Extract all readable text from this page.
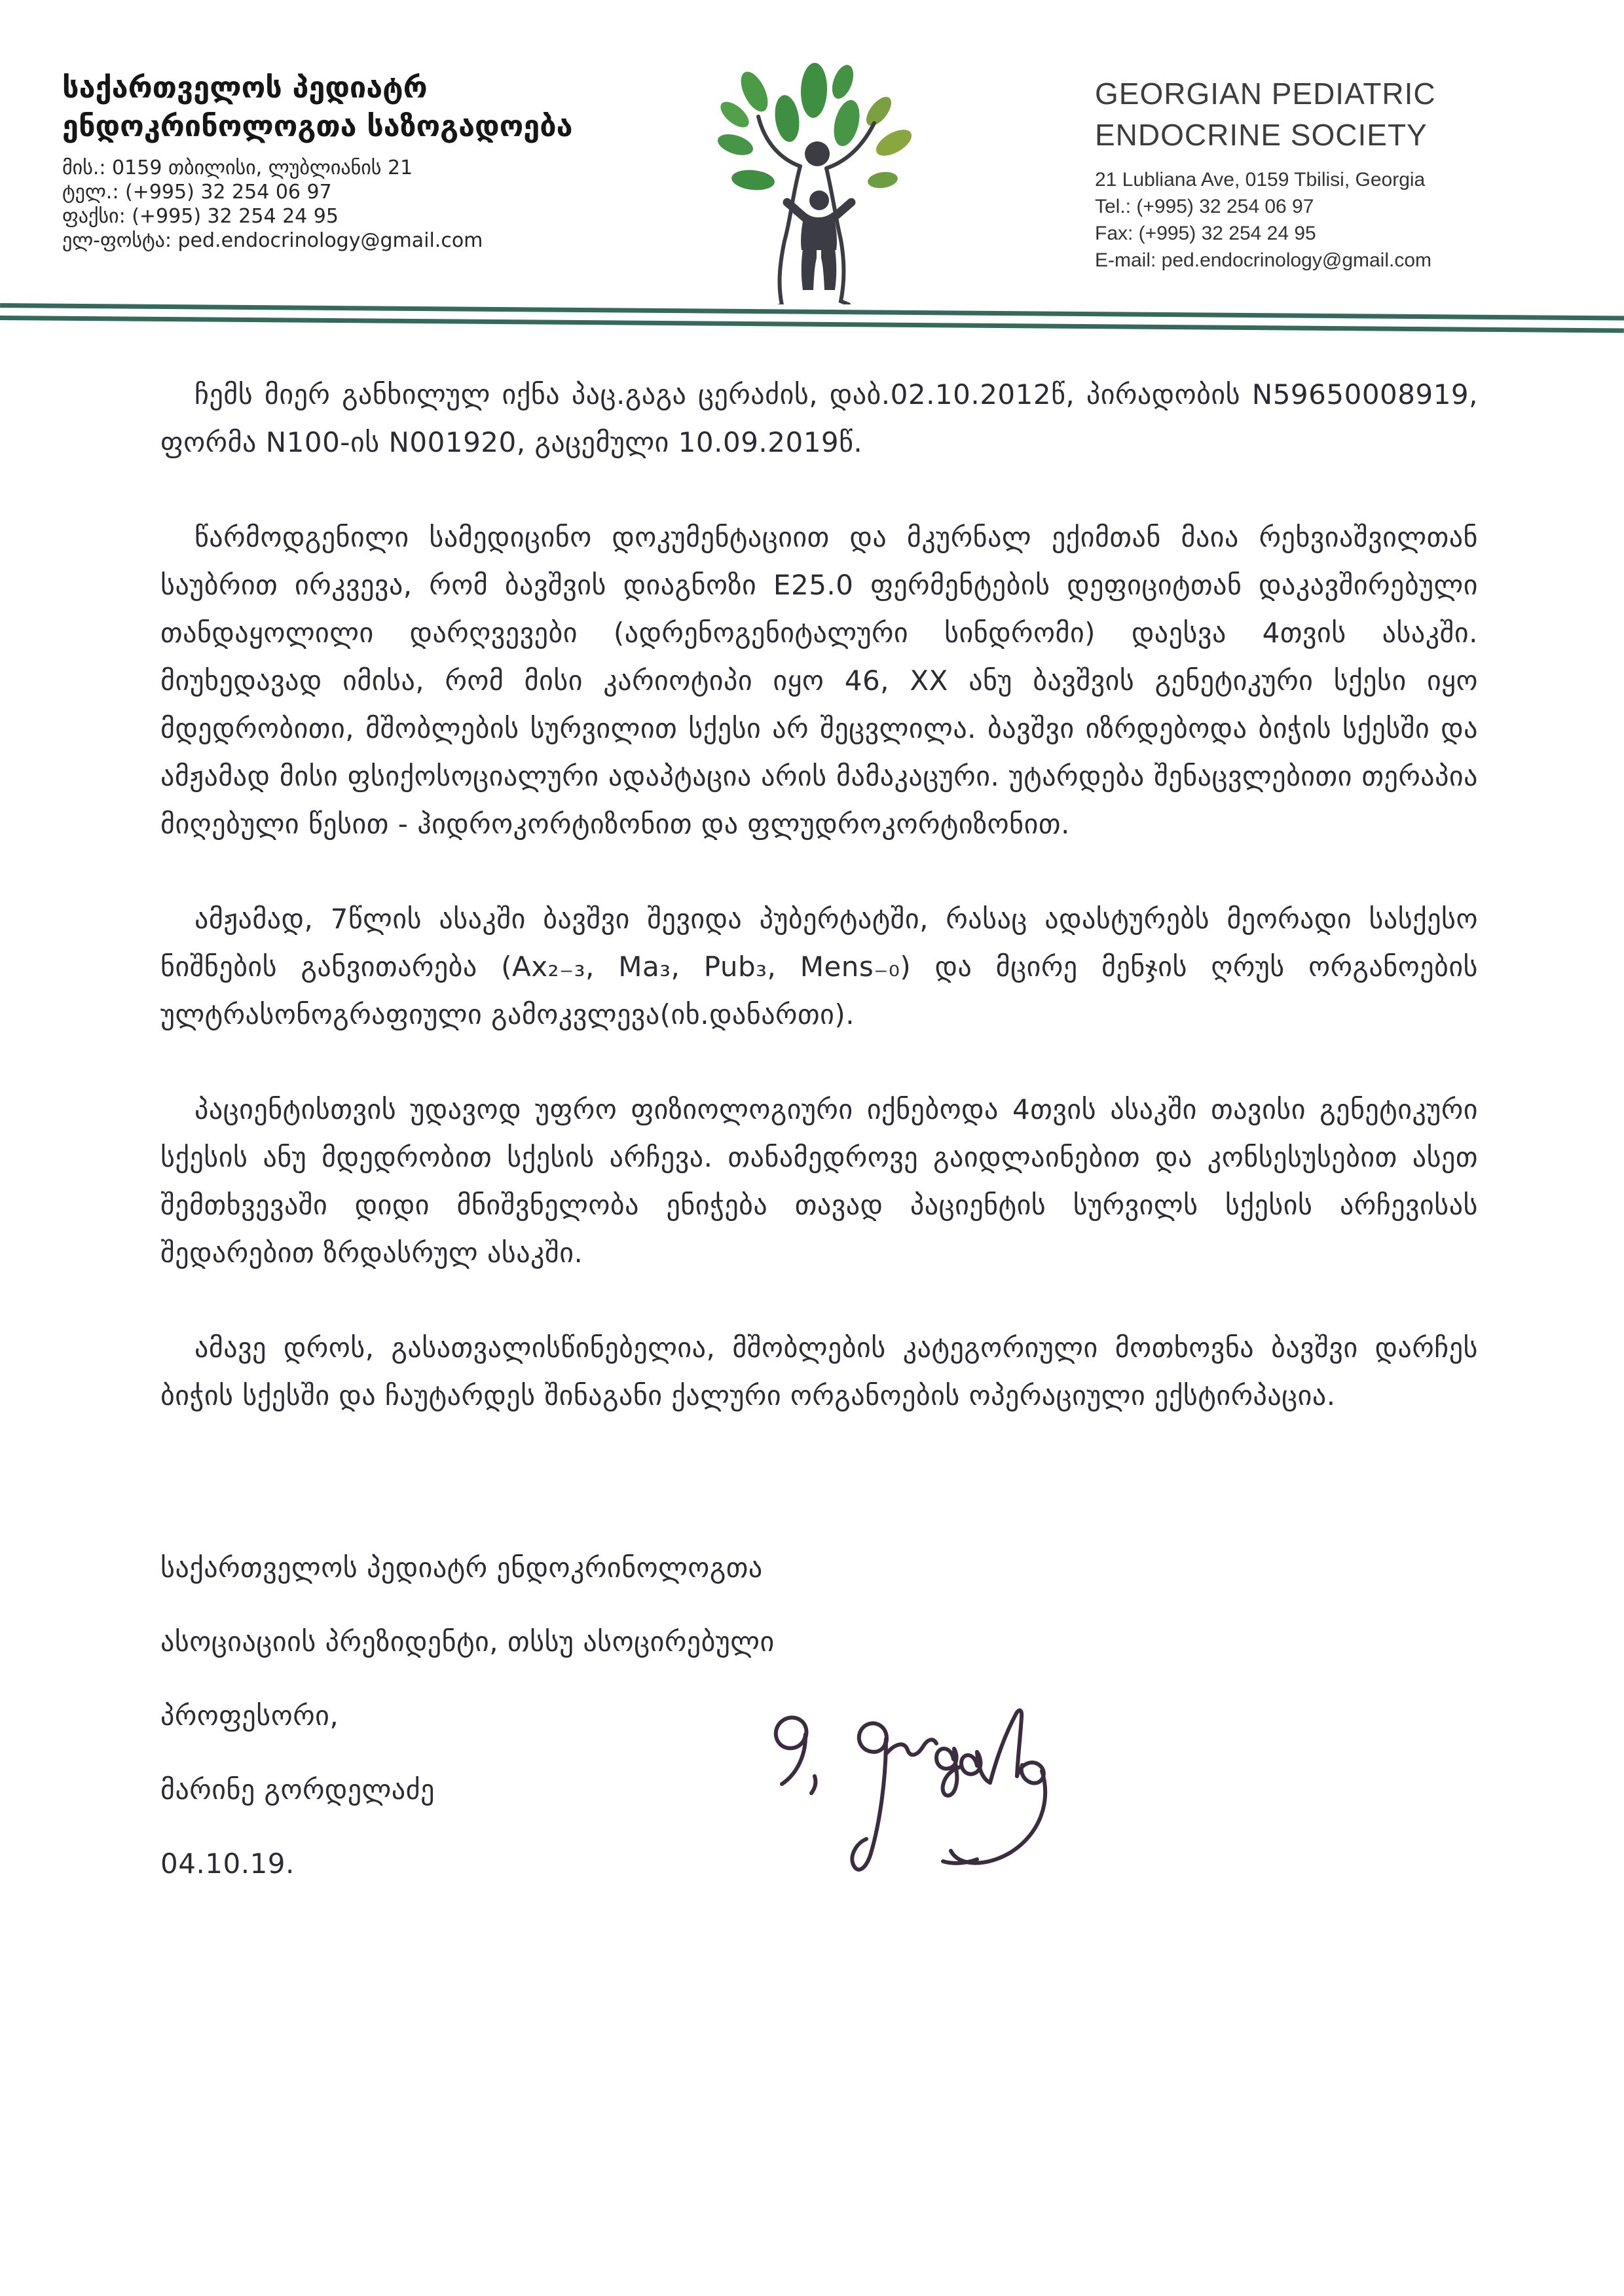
საქართველოს პედიატრ
ენდოკრინოლოგთა საზოგადოება
მის.: 0159 თბილისი, ლუბლიანის 21
ტელ.: (+995) 32 254 06 97
ფაქსი: (+995) 32 254 24 95
ელ-ფოსტა: ped.endocrinology@gmail.com
GEORGIAN PEDIATRIC
ENDOCRINE SOCIETY
21 Lubliana Ave, 0159 Tbilisi, Georgia
Tel.: (+995) 32 254 06 97
Fax: (+995) 32 254 24 95
E-mail: ped.endocrinology@gmail.com

ჩემს მიერ განხილულ იქნა პაც.გაგა ცერაძის, დაბ.02.10.2012წ, პირადობის N59650008919, ფორმა N100-ის N001920, გაცემული 10.09.2019წ.

წარმოდგენილი სამედიცინო დოკუმენტაციით და მკურნალ ექიმთან მაია რეხვიაშვილთან საუბრით ირკვევა, რომ ბავშვის დიაგნოზი E25.0 ფერმენტების დეფიციტთან დაკავშირებული თანდაყოლილი დარღვევები (ადრენოგენიტალური სინდრომი) დაესვა 4თვის ასაკში. მიუხედავად იმისა, რომ მისი კარიოტიპი იყო 46, XX ანუ ბავშვის გენეტიკური სქესი იყო მდედრობითი, მშობლების სურვილით სქესი არ შეცვლილა. ბავშვი იზრდებოდა ბიჭის სქესში და ამჟამად მისი ფსიქოსოციალური ადაპტაცია არის მამაკაცური. უტარდება შენაცვლებითი თერაპია მიღებული წესით - ჰიდროკორტიზონით და ფლუდროკორტიზონით.

ამჟამად, 7წლის ასაკში ბავშვი შევიდა პუბერტატში, რასაც ადასტურებს მეორადი სასქესო ნიშნების განვითარება (Ax₂₋₃, Ma₃, Pub₃, Mens₋₀) და მცირე მენჯის ღრუს ორგანოების ულტრასონოგრაფიული გამოკვლევა(იხ.დანართი).

პაციენტისთვის უდავოდ უფრო ფიზიოლოგიური იქნებოდა 4თვის ასაკში თავისი გენეტიკური სქესის ანუ მდედრობით სქესის არჩევა. თანამედროვე გაიდლაინებით და კონსესუსებით ასეთ შემთხვევაში დიდი მნიშვნელობა ენიჭება თავად პაციენტის სურვილს სქესის არჩევისას შედარებით ზრდასრულ ასაკში.

ამავე დროს, გასათვალისწინებელია, მშობლების კატეგორიული მოთხოვნა ბავშვი დარჩეს ბიჭის სქესში და ჩაუტარდეს შინაგანი ქალური ორგანოების ოპერაციული ექსტირპაცია.

საქართველოს პედიატრ ენდოკრინოლოგთა
ასოციაციის პრეზიდენტი, თსსუ ასოცირებული
პროფესორი,
მარინე გორდელაძე
04.10.19.
